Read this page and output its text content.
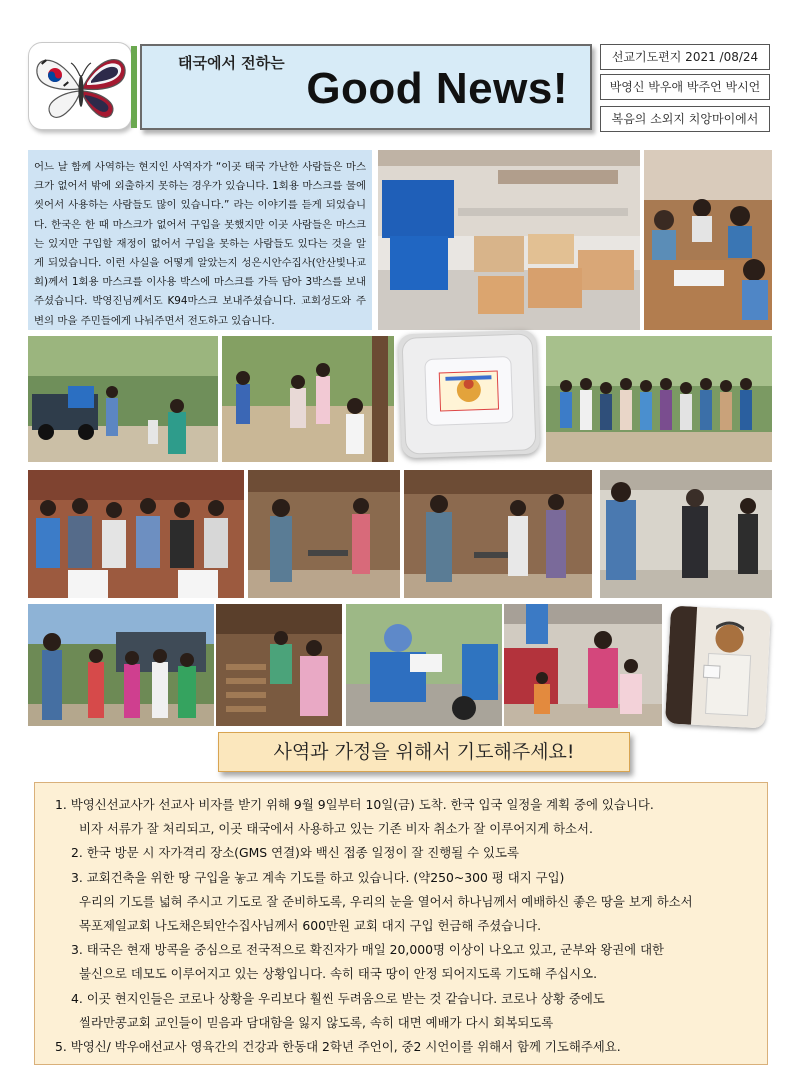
태국에서 전하는
Good News!
선교기도편지 2021 /08/24
박영신 박우애 박주언 박시언
복음의 소외지 치앙마이에서
어느 날 함께 사역하는 현지인 사역자가 “이곳 태국 가난한 사람들은 마스크가 없어서 밖에 외출하지 못하는 경우가 있습니다. 1회용 마스크를 물에 씻어서 사용하는 사람들도 많이 있습니다.” 라는 이야기를 듣게 되었습니다. 한국은 한 때 마스크가 없어서 구입을 못했지만 이곳 사람들은 마스크는 있지만 구입할 재정이 없어서 구입을 못하는 사람들도 있다는 것을 알게 되었습니다. 이런 사실을 어떻게 알았는지 성은시안수집사(안산빛나교회)께서 1회용 마스크를 이사용 박스에 마스크를 가득 담아 3박스를 보내주셨습니다. 박영진님께서도 K94마스크 보내주셨습니다. 교회성도와 주변의 마을 주민들에게 나눠주면서 전도하고 있습니다.
사역과 가정을 위해서 기도해주세요!

1. 박영신선교사가 선교사 비자를 받기 위해 9월 9일부터 10일(금) 도착. 한국 입국 일정을 계획 중에 있습니다.

비자 서류가 잘 처리되고, 이곳 태국에서 사용하고 있는 기존 비자 취소가 잘 이루어지게 하소서.

2. 한국 방문 시 자가격리 장소(GMS 연결)와 백신 접종 일정이 잘 진행될 수 있도록

3. 교회건축을 위한 땅 구입을 놓고 계속 기도를 하고 있습니다. (약250~300 평 대지 구입)

우리의 기도를 넓혀 주시고 기도로 잘 준비하도록, 우리의 눈을 열어서 하나님께서 예배하신 좋은 땅을 보게 하소서

목포제일교회 나도채은퇴안수집사님께서 600만원 교회 대지 구입 헌금해 주셨습니다.

3. 태국은 현재 방콕을 중심으로 전국적으로 확진자가 매일 20,000명 이상이 나오고 있고, 군부와 왕권에 대한

불신으로 데모도 이루어지고 있는 상황입니다. 속히 태국 땅이 안정 되어지도록 기도해 주십시오.

4. 이곳 현지인들은 코로나 상황을 우리보다 훨씬 두려움으로 받는 것 같습니다. 코로나 상황 중에도

씰라만콩교회 교인들이 믿음과 담대함을 잃지 않도록, 속히 대면 예배가 다시 회복되도록

5. 박영신/ 박우애선교사 영육간의 건강과 한동대 2학년 주언이, 중2 시언이를 위해서 함께 기도해주세요.
